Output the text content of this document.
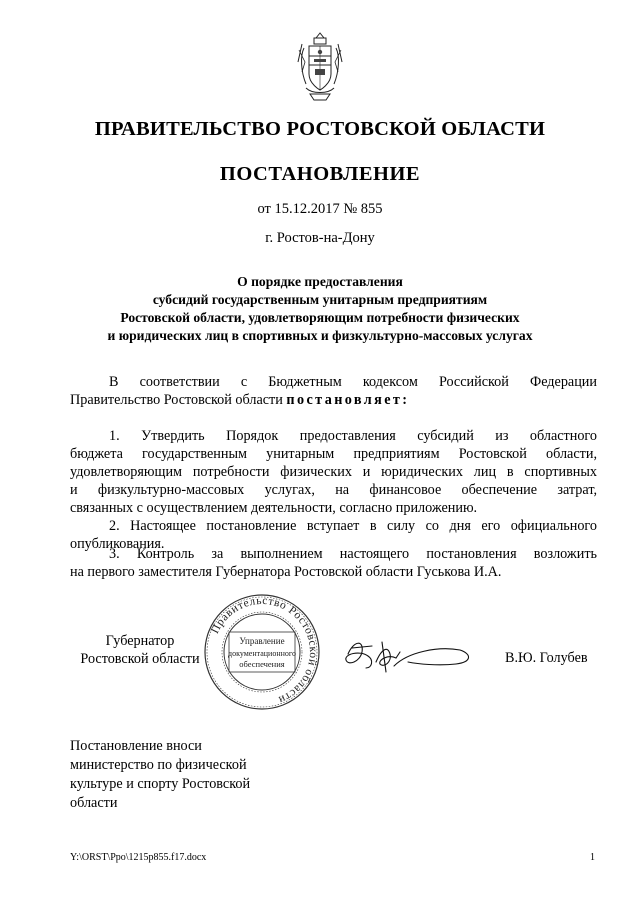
ПРАВИТЕЛЬСТВО РОСТОВСКОЙ ОБЛАСТИ
ПОСТАНОВЛЕНИЕ
от 15.12.2017 № 855
г. Ростов-на-Дону
О порядке предоставления
субсидий государственным унитарным предприятиям
Ростовской области, удовлетворяющим потребности физических
и юридических лиц в спортивных и физкультурно-массовых услугах
В соответствии с Бюджетным кодексом Российской Федерации
Правительство Ростовской области постановляет:
1. Утвердить Порядок предоставления субсидий из областного
бюджета государственным унитарным предприятиям Ростовской области,
удовлетворяющим потребности физических и юридических лиц в спортивных
и физкультурно-массовых услугах, на финансовое обеспечение затрат,
связанных с осуществлением деятельности, согласно приложению.
2. Настоящее постановление вступает в силу со дня его официального
опубликования.
3. Контроль за выполнением настоящего постановления возложить
на первого заместителя Губернатора Ростовской области Гуськова И.А.
Губернатор
Ростовской области
Правительство Ростовской области
Управление
документационного
обеспечения	В.Ю. Голубев
Постановление вноси
министерство по физической
культуре и спорту Ростовской
области
Y:\ORST\Ppo\1215p855.f17.docx	1
